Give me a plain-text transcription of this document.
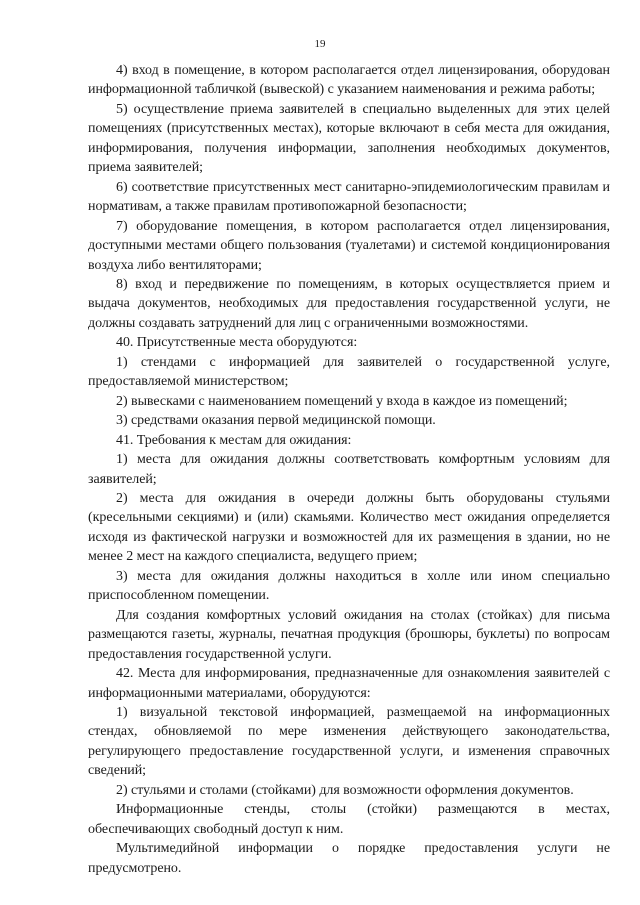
19

4) вход в помещение, в котором располагается отдел лицензирования, оборудован информационной табличкой (вывеской) с указанием наименования и режима работы;

5) осуществление приема заявителей в специально выделенных для этих целей помещениях (присутственных местах), которые включают в себя места для ожидания, информирования, получения информации, заполнения необходимых документов, приема заявителей;

6) соответствие присутственных мест санитарно-эпидемиологическим правилам и нормативам, а также правилам противопожарной безопасности;

7) оборудование помещения, в котором располагается отдел лицензирования, доступными местами общего пользования (туалетами) и системой кондиционирования воздуха либо вентиляторами;

8) вход и передвижение по помещениям, в которых осуществляется прием и выдача документов, необходимых для предоставления государственной услуги, не должны создавать затруднений для лиц с ограниченными возможностями.

40. Присутственные места оборудуются:

1) стендами с информацией для заявителей о государственной услуге, предоставляемой министерством;

2) вывесками с наименованием помещений у входа в каждое из помещений;

3) средствами оказания первой медицинской помощи.

41. Требования к местам для ожидания:

1) места для ожидания должны соответствовать комфортным условиям для заявителей;

2) места для ожидания в очереди должны быть оборудованы стульями (кресельными секциями) и (или) скамьями. Количество мест ожидания определяется исходя из фактической нагрузки и возможностей для их размещения в здании, но не менее 2 мест на каждого специалиста, ведущего прием;

3) места для ожидания должны находиться в холле или ином специально приспособленном помещении.

Для создания комфортных условий ожидания на столах (стойках) для письма размещаются газеты, журналы, печатная продукция (брошюры, буклеты) по вопросам предоставления государственной услуги.

42. Места для информирования, предназначенные для ознакомления заявителей с информационными материалами, оборудуются:

1) визуальной текстовой информацией, размещаемой на информационных стендах, обновляемой по мере изменения действующего законодательства, регулирующего предоставление государственной услуги, и изменения справочных сведений;

2) стульями и столами (стойками) для возможности оформления документов.

Информационные стенды, столы (стойки) размещаются в местах, обеспечивающих свободный доступ к ним.

Мультимедийной информации о порядке предоставления услуги не предусмотрено.
